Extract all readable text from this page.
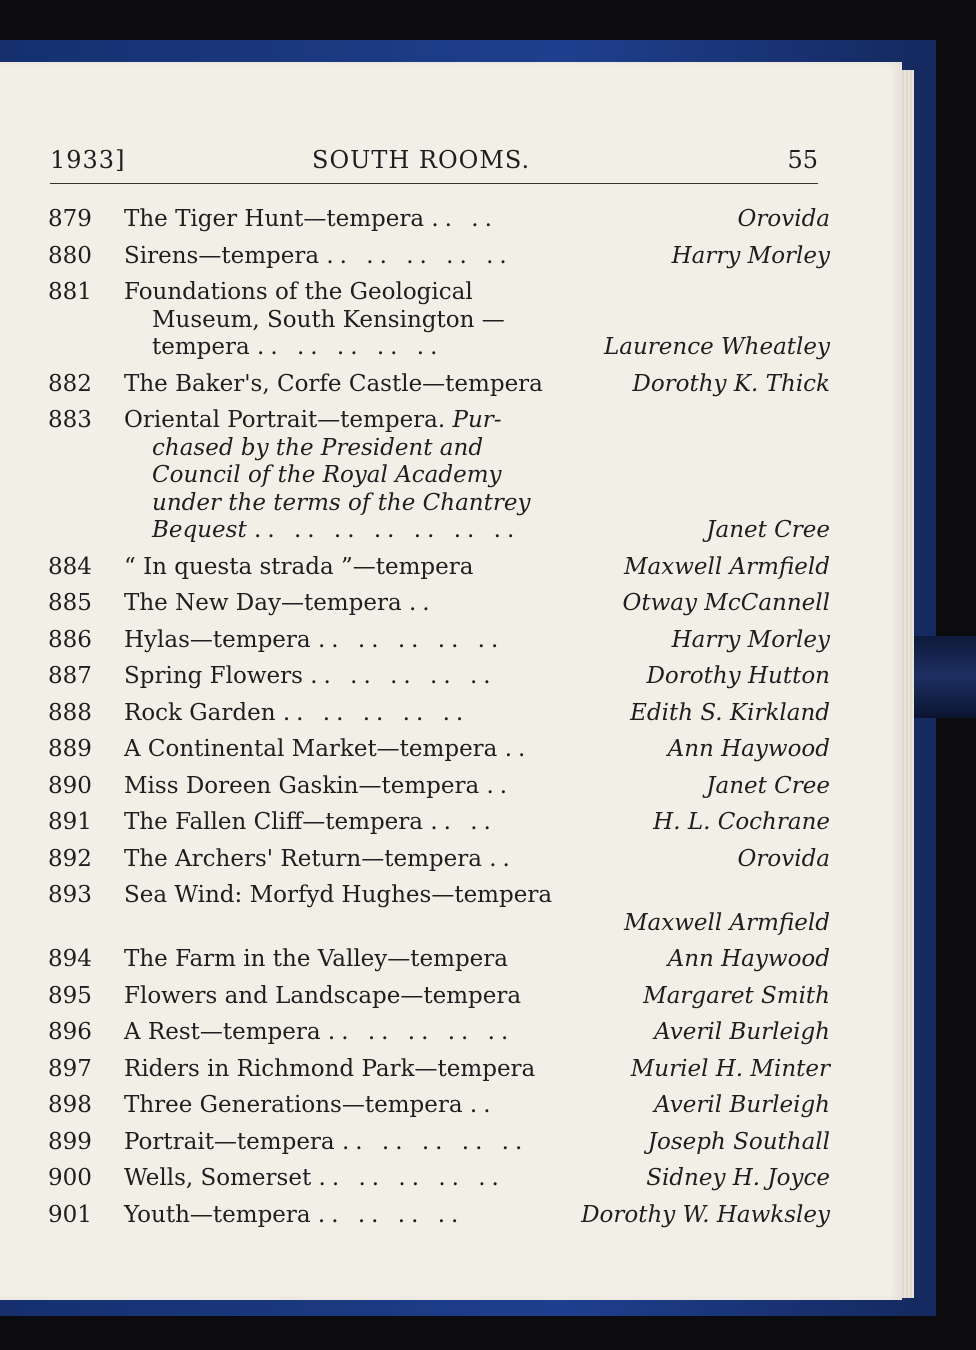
1933]	SOUTH ROOMS.	55
879	The Tiger Hunt—tempera .. ..	Orovida
880	Sirens—tempera .. .. .. .. ..	Harry Morley
881	Foundations of the Geological
Museum, South Kensington —
tempera .. .. .. .. ..	Laurence Wheatley
882	The Baker's, Corfe Castle—tempera	Dorothy K. Thick
883	Oriental Portrait—tempera. Pur-
chased by the President and
Council of the Royal Academy
under the terms of the Chantrey
Bequest .. .. .. .. .. .. ..	Janet Cree
884	“ In questa strada ”—tempera	Maxwell Armfield
885	The New Day—tempera ..	Otway McCannell
886	Hylas—tempera .. .. .. .. ..	Harry Morley
887	Spring Flowers .. .. .. .. ..	Dorothy Hutton
888	Rock Garden .. .. .. .. ..	Edith S. Kirkland
889	A Continental Market—tempera ..	Ann Haywood
890	Miss Doreen Gaskin—tempera ..	Janet Cree
891	The Fallen Cliff—tempera .. ..	H. L. Cochrane
892	The Archers' Return—tempera ..	Orovida
893	Sea Wind: Morfyd Hughes—tempera
Maxwell Armfield
894	The Farm in the Valley—tempera	Ann Haywood
895	Flowers and Landscape—tempera	Margaret Smith
896	A Rest—tempera .. .. .. .. ..	Averil Burleigh
897	Riders in Richmond Park—tempera	Muriel H. Minter
898	Three Generations—tempera ..	Averil Burleigh
899	Portrait—tempera .. .. .. .. ..	Joseph Southall
900	Wells, Somerset .. .. .. .. ..	Sidney H. Joyce
901	Youth—tempera .. .. .. ..	Dorothy W. Hawksley
